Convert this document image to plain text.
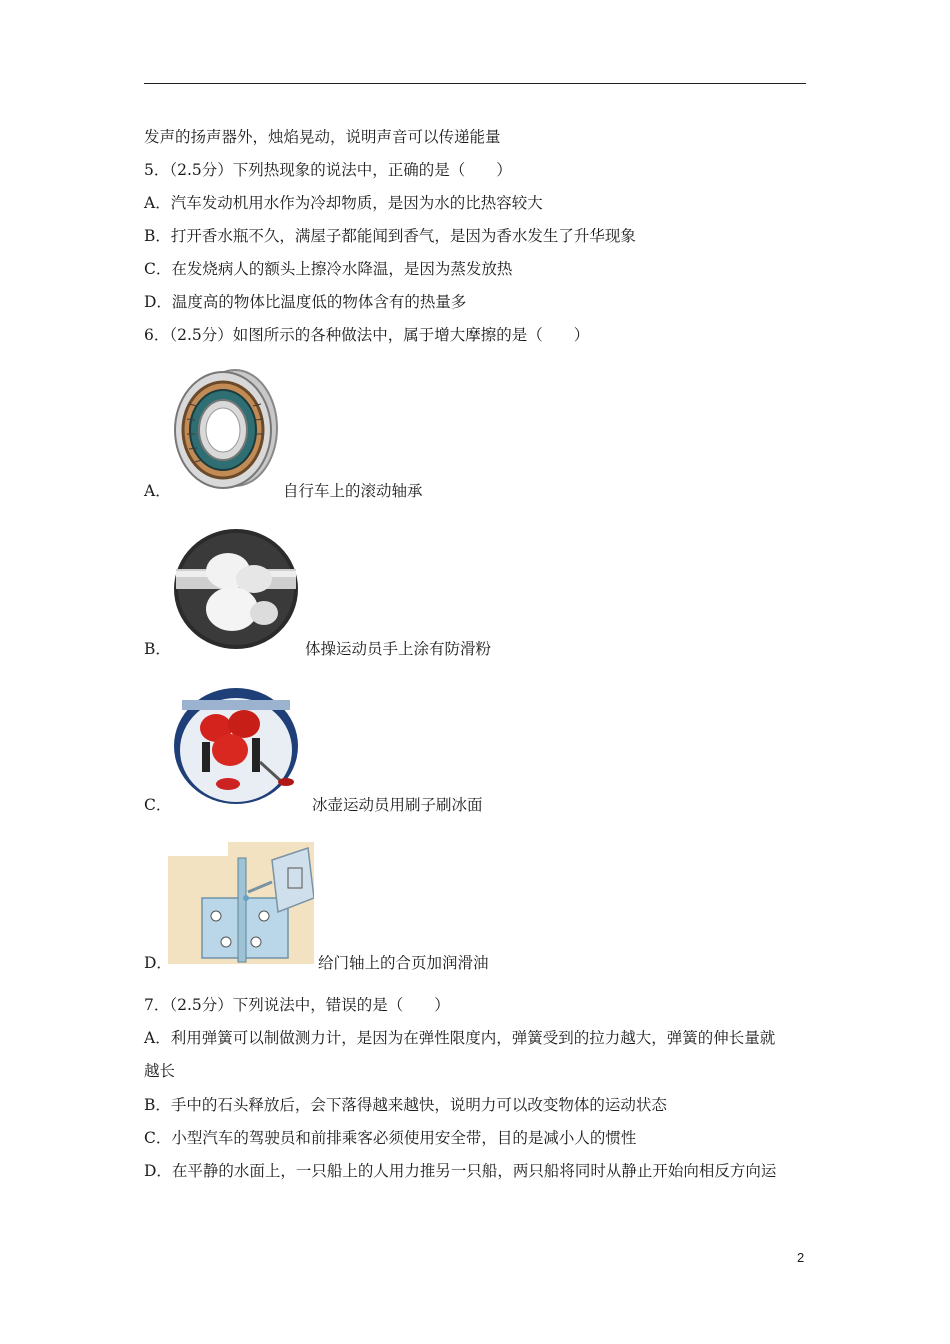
发声的扬声器外，烛焰晃动，说明声音可以传递能量
5．（2.5分）下列热现象的说法中，正确的是（　　）
A．汽车发动机用水作为冷却物质，是因为水的比热容较大
B．打开香水瓶不久，满屋子都能闻到香气，是因为香水发生了升华现象
C．在发烧病人的额头上擦冷水降温，是因为蒸发放热
D．温度高的物体比温度低的物体含有的热量多
6．（2.5分）如图所示的各种做法中，属于增大摩擦的是（　　）
A．	自行车上的滚动轴承
B．	体操运动员手上涂有防滑粉
C．	冰壶运动员用刷子刷冰面
D．	给门轴上的合页加润滑油
7．（2.5分）下列说法中，错误的是（　　）
A．利用弹簧可以制做测力计，是因为在弹性限度内，弹簧受到的拉力越大，弹簧的伸长量就
越长
B．手中的石头释放后，会下落得越来越快，说明力可以改变物体的运动状态
C．小型汽车的驾驶员和前排乘客必须使用安全带，目的是减小人的惯性
D．在平静的水面上，一只船上的人用力推另一只船，两只船将同时从静止开始向相反方向运
2
